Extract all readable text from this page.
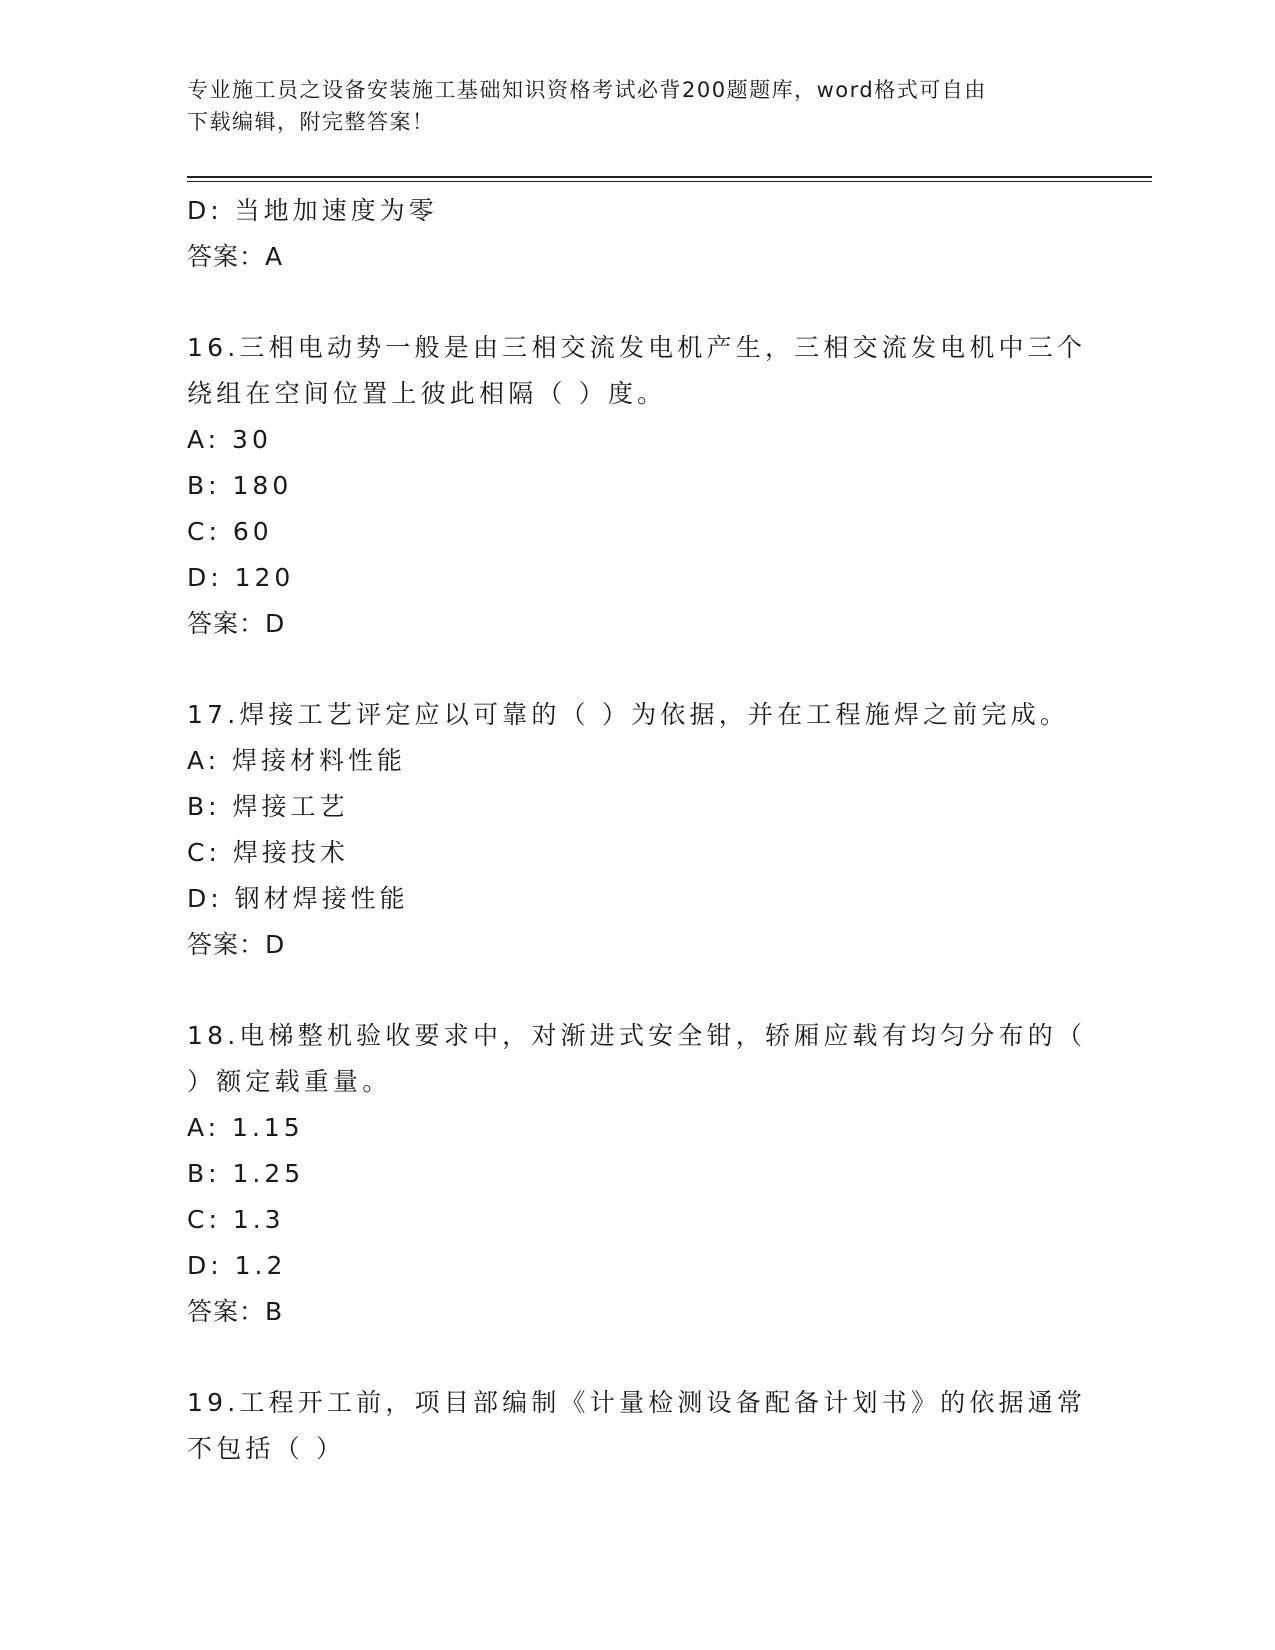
专业施工员之设备安装施工基础知识资格考试必背200题题库，word格式可自由
下载编辑，附完整答案！
D: 当地加速度为零
答案：A
16.三相电动势一般是由三相交流发电机产生，三相交流发电机中三个
绕组在空间位置上彼此相隔（ ）度。
A: 30
B: 180
C: 60
D: 120
答案：D
17.焊接工艺评定应以可靠的（ ）为依据，并在工程施焊之前完成。
A: 焊接材料性能
B: 焊接工艺
C: 焊接技术
D: 钢材焊接性能
答案：D
18.电梯整机验收要求中，对渐进式安全钳，轿厢应载有均匀分布的（
）额定载重量。
A: 1.15
B: 1.25
C: 1.3
D: 1.2
答案：B
19.工程开工前，项目部编制《计量检测设备配备计划书》的依据通常
不包括（ ）
